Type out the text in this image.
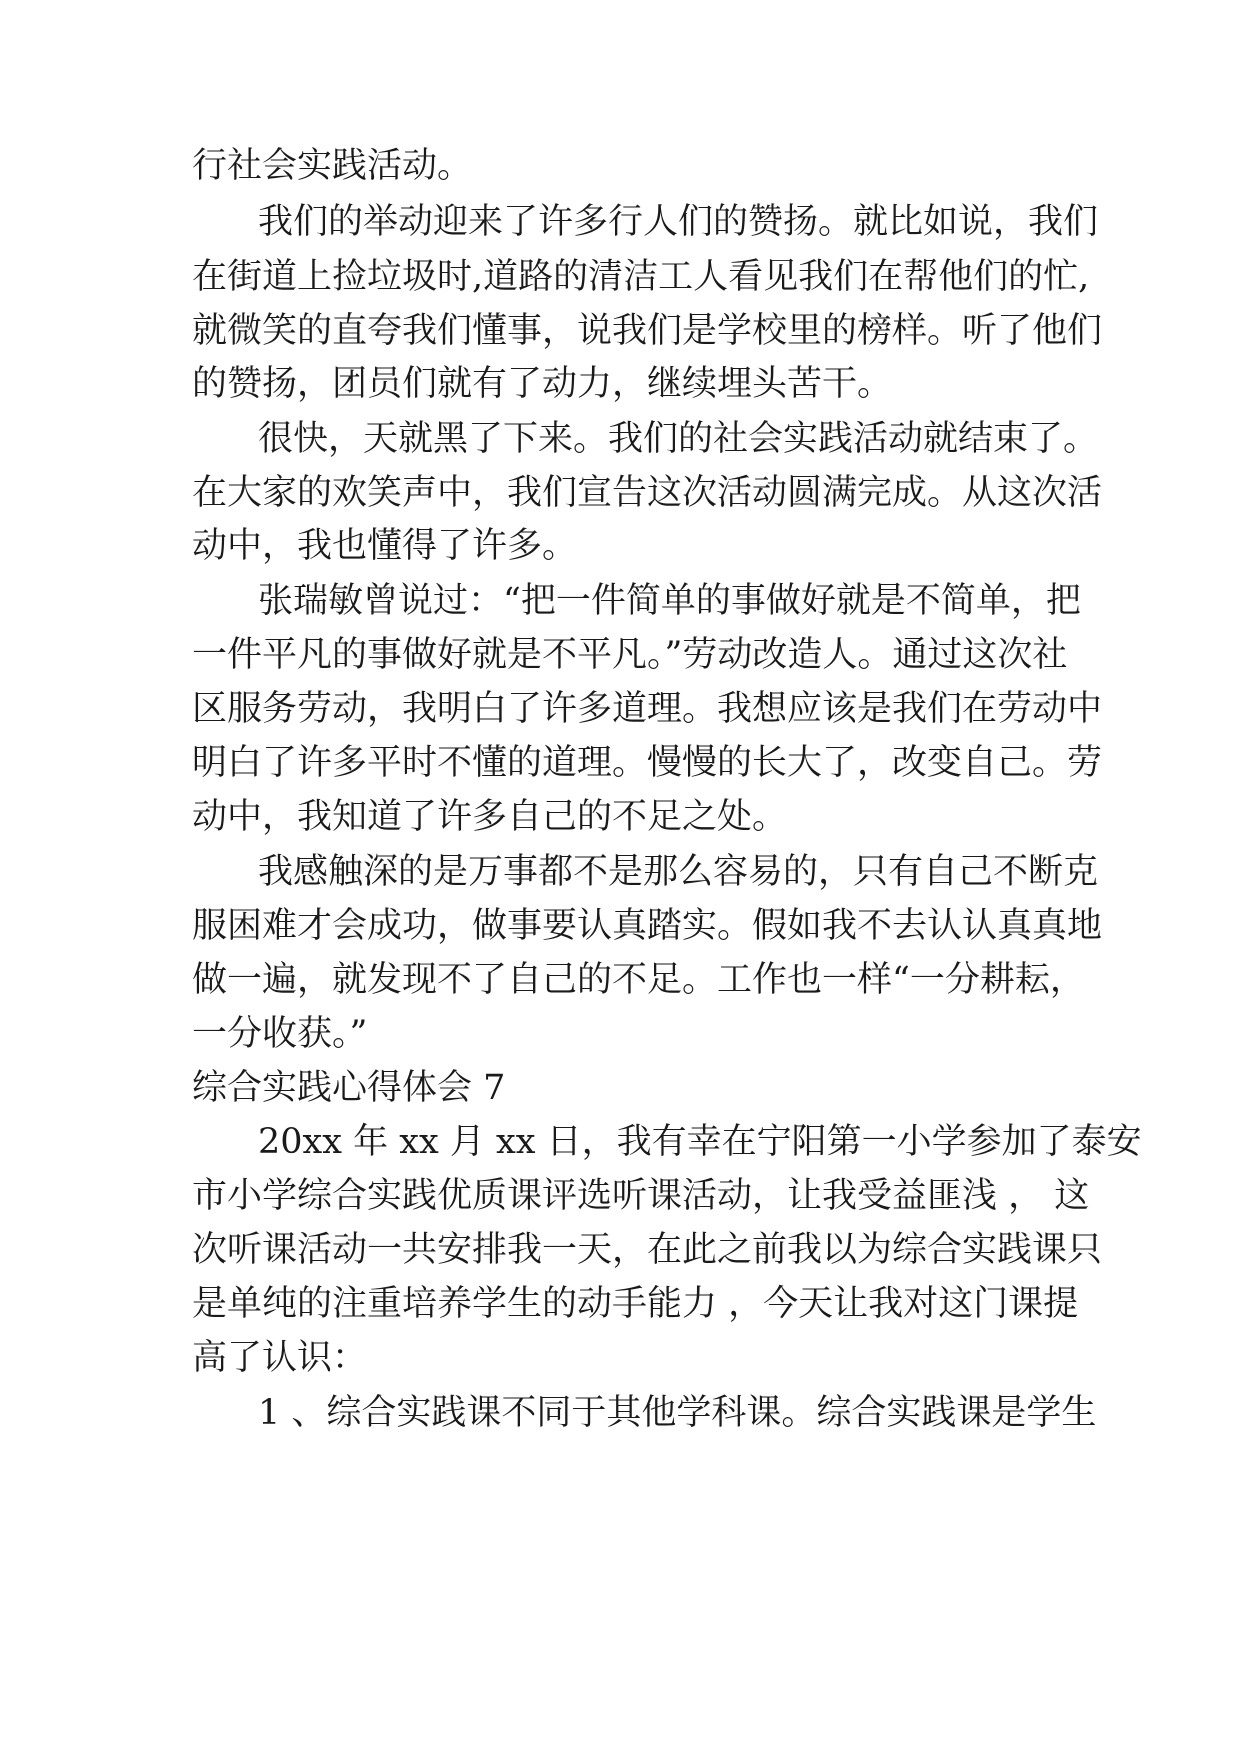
行社会实践活动。
我们的举动迎来了许多行人们的赞扬。就比如说，我们
在街道上捡垃圾时,道路的清洁工人看见我们在帮他们的忙,
就微笑的直夸我们懂事，说我们是学校里的榜样。听了他们
的赞扬，团员们就有了动力，继续埋头苦干。
很快，天就黑了下来。我们的社会实践活动就结束了。
在大家的欢笑声中，我们宣告这次活动圆满完成。从这次活
动中，我也懂得了许多。
张瑞敏曾说过：“把一件简单的事做好就是不简单，把
一件平凡的事做好就是不平凡。”劳动改造人。通过这次社
区服务劳动，我明白了许多道理。我想应该是我们在劳动中
明白了许多平时不懂的道理。慢慢的长大了，改变自己。劳
动中，我知道了许多自己的不足之处。
我感触深的是万事都不是那么容易的，只有自己不断克
服困难才会成功，做事要认真踏实。假如我不去认认真真地
做一遍，就发现不了自己的不足。工作也一样“一分耕耘，
一分收获。”
综合实践心得体会 7
20xx 年 xx 月 xx 日，我有幸在宁阳第一小学参加了泰安
市小学综合实践优质课评选听课活动，让我受益匪浅 ， 这
次听课活动一共安排我一天，在此之前我以为综合实践课只
是单纯的注重培养学生的动手能力 ，今天让我对这门课提
高了认识：
1 、综合实践课不同于其他学科课。综合实践课是学生
